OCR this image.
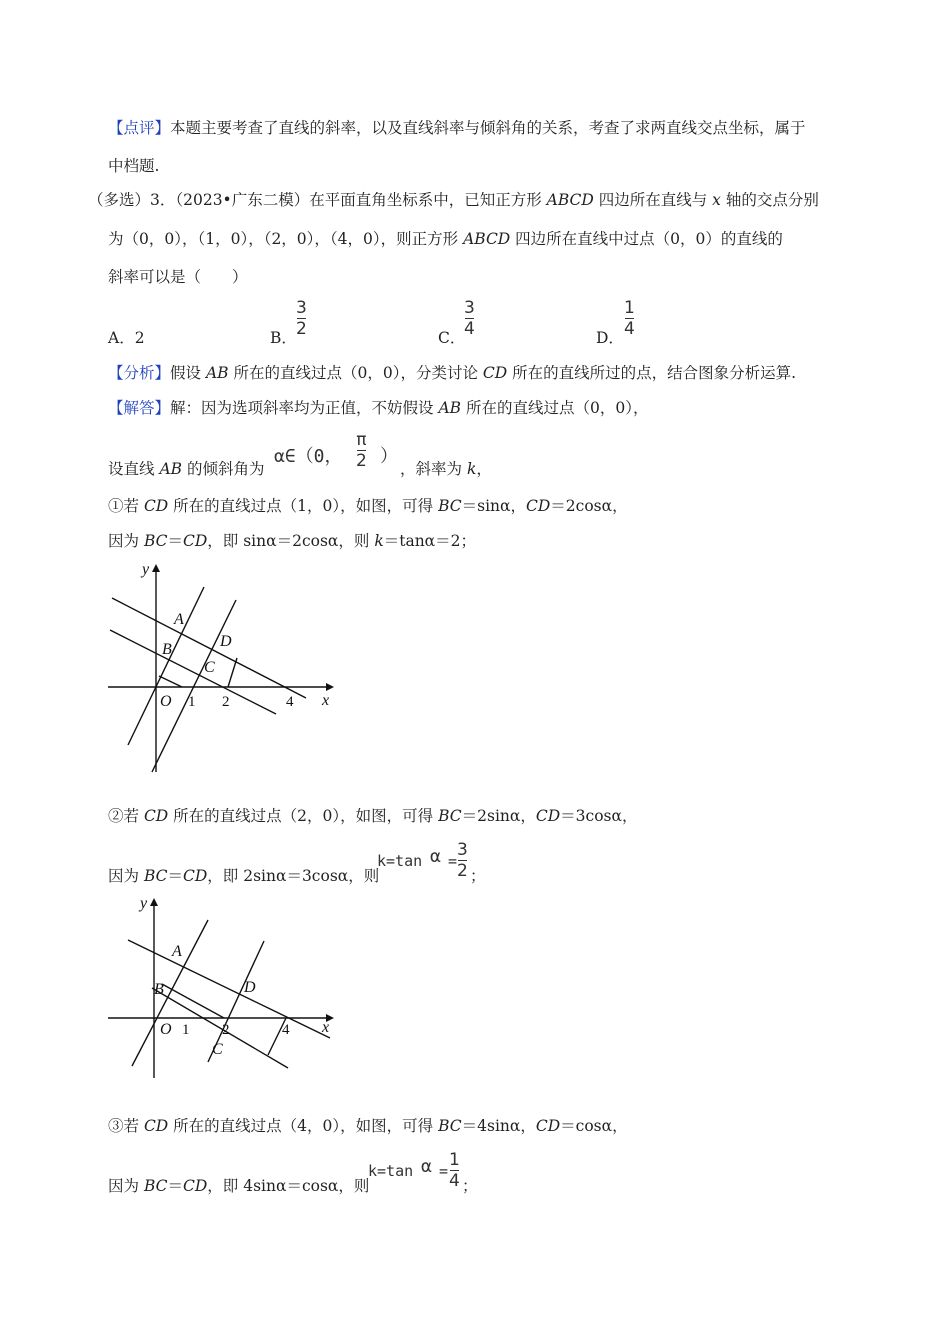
【点评】本题主要考查了直线的斜率，以及直线斜率与倾斜角的关系，考查了求两直线交点坐标，属于
中档题.
（多选）3．（2023•广东二模）在平面直角坐标系中，已知正方形 ABCD 四边所在直线与 x 轴的交点分别
为（0，0），（1，0），（2，0），（4，0），则正方形 ABCD 四边所在直线中过点（0，0）的直线的
斜率可以是（　　）
A．2	B．
3
2	C．
3
4	D．
1
4
【分析】假设 AB 所在的直线过点（0，0），分类讨论 CD 所在的直线所过的点，结合图象分析运算.
【解答】解：因为选项斜率均为正值，不妨假设 AB 所在的直线过点（0，0），
设直线 AB 的倾斜角为
α∈（0，
π
2 ）
，斜率为 k，
①若 CD 所在的直线过点（1，0），如图，可得 BC＝sinα，CD＝2cosα，
因为 BC＝CD，即 sinα＝2cosα，则 k＝tanα＝2；
y
x
A
B
C
D
O 1 2	4
②若 CD 所在的直线过点（2，0），如图，可得 BC＝2sinα，CD＝3cosα，
因为 BC＝CD，即 2sinα＝3cosα，则
k=tan α =
3
2 ；
y
x
A
B
C
D
O 1 2	4
③若 CD 所在的直线过点（4，0），如图，可得 BC＝4sinα，CD＝cosα，
因为 BC＝CD，即 4sinα＝cosα，则
k=tan α =
1
4 ；
